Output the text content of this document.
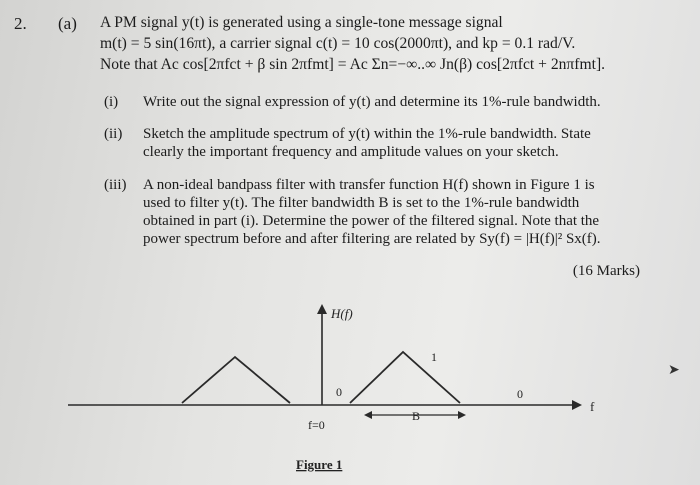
2. (a) A PM signal y(t) is generated using a single-tone message signal
m(t) = 5 sin(16πt), a carrier signal c(t) = 10 cos(2000πt), and kp = 0.1 rad/V.
Note that Ac cos[2πfct + β sin 2πfmt] = Ac Σn=−∞..∞ Jn(β) cos[2πfct + 2nπfmt].
(i) Write out the signal expression of y(t) and determine its 1%-rule bandwidth.
(ii) Sketch the amplitude spectrum of y(t) within the 1%-rule bandwidth. State
clearly the important frequency and amplitude values on your sketch.
(iii) A non-ideal bandpass filter with transfer function H(f) shown in Figure 1 is
used to filter y(t). The filter bandwidth B is set to the 1%-rule bandwidth
obtained in part (i). Determine the power of the filtered signal. Note that the
power spectrum before and after filtering are related by Sy(f) = |H(f)|² Sx(f).
(16 Marks)
H(f)
f
f=0
0	0
1
B
Figure 1
➤
